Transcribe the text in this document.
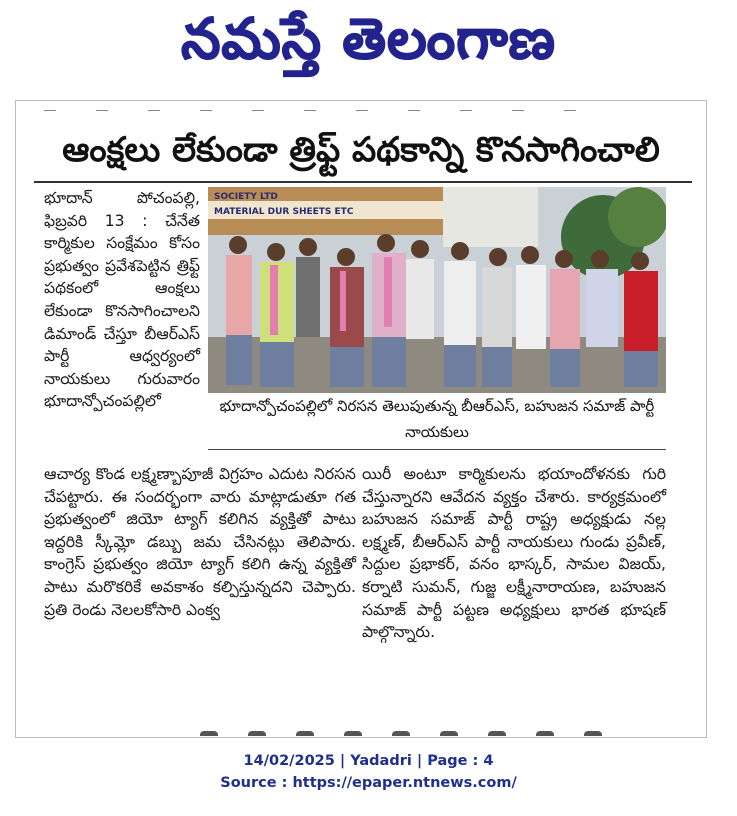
నమస్తే తెలంగాణ
ఆంక్షలు లేకుండా త్రిఫ్ట్ పథకాన్ని కొనసాగించాలి

భూదాన్ పోచంపల్లి, ఫిబ్రవరి 13 : చేనేత కార్మికుల సంక్షేమం కోసం ప్రభుత్వం ప్రవేశపెట్టిన త్రిఫ్ట్ పథకంలో ఆంక్షలు లేకుండా కొనసాగించాలని డిమాండ్ చేస్తూ బీఆర్ఎస్ పార్టీ ఆధ్వర్యంలో నాయకులు గురువారం భూదాన్పోచంపల్లిలో

SOCIETY LTD
MATERIAL DUR SHEETS ETC
భూదాన్పోచంపల్లిలో నిరసన తెలుపుతున్న బీఆర్ఎస్, బహుజన సమాజ్ పార్టీ నాయకులు

ఆచార్య కొండ లక్ష్మణ్బాపూజీ విగ్రహం ఎదుట నిరసన చేపట్టారు. ఈ సందర్భంగా వారు మాట్లాడుతూ గత ప్రభుత్వంలో జియో ట్యాగ్ కలిగిన వ్యక్తితో పాటు ఇద్దరికి స్కీమ్లో డబ్బు జమ చేసినట్లు తెలిపారు. కాంగ్రెస్ ప్రభుత్వం జియో ట్యాగ్ కలిగి ఉన్న వ్యక్తితో పాటు మరొకరికే అవకాశం కల్పిస్తున్నదని చెప్పారు. ప్రతి రెండు నెలలకోసారి ఎంక్వ

యిరీ అంటూ కార్మికులను భయాందోళనకు గురి చేస్తున్నారని ఆవేదన వ్యక్తం చేశారు. కార్యక్రమంలో బహుజన సమాజ్ పార్టీ రాష్ట్ర అధ్యక్షుడు నల్ల లక్ష్మణ్, బీఆర్ఎస్ పార్టీ నాయకులు గుండు ప్రవీణ్, సిద్దుల ప్రభాకర్, వనం భాస్కర్, సామల విజయ్, కర్నాటి సుమన్, గుజ్జ లక్ష్మీనారాయణ, బహుజన సమాజ్ పార్టీ పట్టణ అధ్యక్షులు భారత భూషణ్ పాల్గొన్నారు.

14/02/2025 | Yadadri | Page : 4
Source : https://epaper.ntnews.com/
